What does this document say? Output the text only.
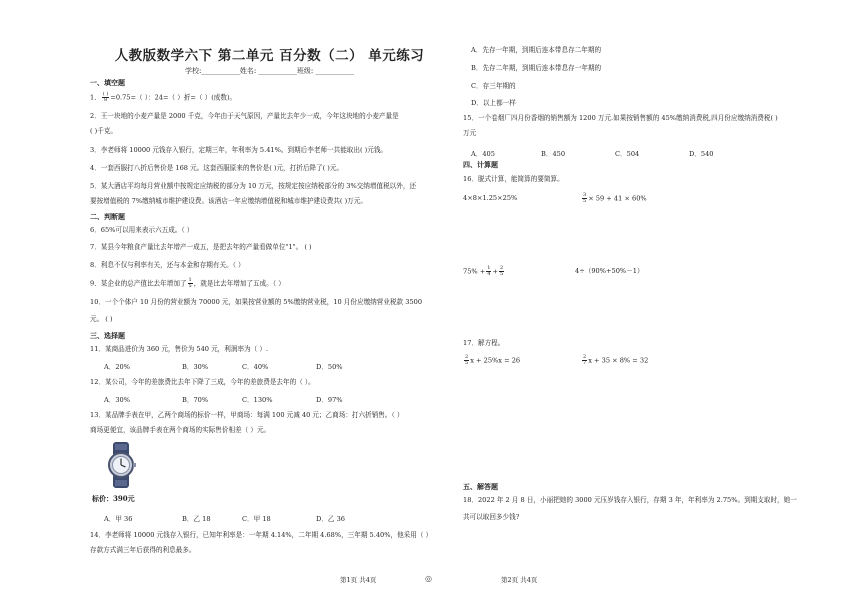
人教版数学六下 第二单元 百分数（二） 单元练习
学校:___________姓名: ___________班级: ___________
一、填空题
1． $\frac{( )}{8} =0.75=$（ ）：24=（ ）折=（ ）(成数)。
2．王一块地的小麦产量是 2000 千克，今年由于天气原因，产量比去年少一成，今年这块地的小麦产量是
( )千克。
3．李老师将 10000 元钱存入银行，定期三年，年利率为 5.41%。到期后李老师一共能取出( )元钱。
4．一套西服打八折后售价是 168 元。这套西服原来的售价是( )元，打折后降了( )元。
5．某大酒店平均每月营业额中按规定应纳税的部分为 10 万元，按规定按应纳税部分的 3%交纳增值税以外，还
要按增值税的 7%缴纳城市维护建设费。该酒店一年应缴纳增值税和城市维护建设费共( )万元。
二、判断题
6．65%可以用来表示六五成。（ ）
7．某县今年粮食产量比去年增产一成五，是把去年的产量看做单位"1"。 ( )
8．利息不仅与利率有关，还与本金和存期有关。（ ）
9．某企业的总产值比去年增加了 $\frac{1}{5}$ ，就是比去年增加了五成。（ ）
10．一个个体户 10 月份的营业额为 70000 元，如果按营业额的 5%缴纳营业税，10 月份应缴纳营业税款 3500
元。 ( )
三、选择题
11．某商品进价为 360 元，售价为 540 元，利润率为（ ）.
A．20%	B．30%	C．40%	D．50%
12．某公司，今年的差旅费比去年下降了三成，今年的差旅费是去年的（ ）。
A．30%	B．70%	C．130%	D．97%
13．某品牌手表在甲，乙两个商场的标价一样，甲商场：每满 100 元减 40 元；乙商场：打六折销售。（ ）
商场更便宜，该品牌手表在两个商场的实际售价相差（ ）元。
标价：390元
A．甲 36	B．乙 18	C．甲 18	D．乙 36
14．李老师将 10000 元钱存入银行，已知年利率是：一年期 4.14%，二年期 4.68%，三年期 5.40%，他采用（ ）
存款方式满三年后获得的利息最多。
第1页 共4页	◎
A．先存一年期，到期后连本带息存二年期的
B．先存二年期，到期后连本带息存一年期的
C．存三年期的
D．以上都一样
15．一个卷烟厂四月份香烟的销售额为 1200 万元.如果按销售额的 45%缴纳消费税,四月份应缴纳消费税( )
万元
A．405	B．450	C．504	D．540
四、计算题
16．脱式计算，能简算的要简算。
4×8×1.25×25%	$\frac{3}{5} \times 59 + 41 \times 60\%$
$75\% + \frac{1}{4} + \frac{2}{5}$	4÷（90%+50%－1）
17．解方程。
$\frac{2}{5}$ x + 25%x = 26	$\frac{2}{7}$ x + 35 × 8% = 32
五、解答题
18．2022 年 2 月 8 日，小丽把她的 3000 元压岁钱存入银行，存期 3 年，年利率为 2.75%。到期支取时，她一
共可以取回多少钱?
第2页 共4页
